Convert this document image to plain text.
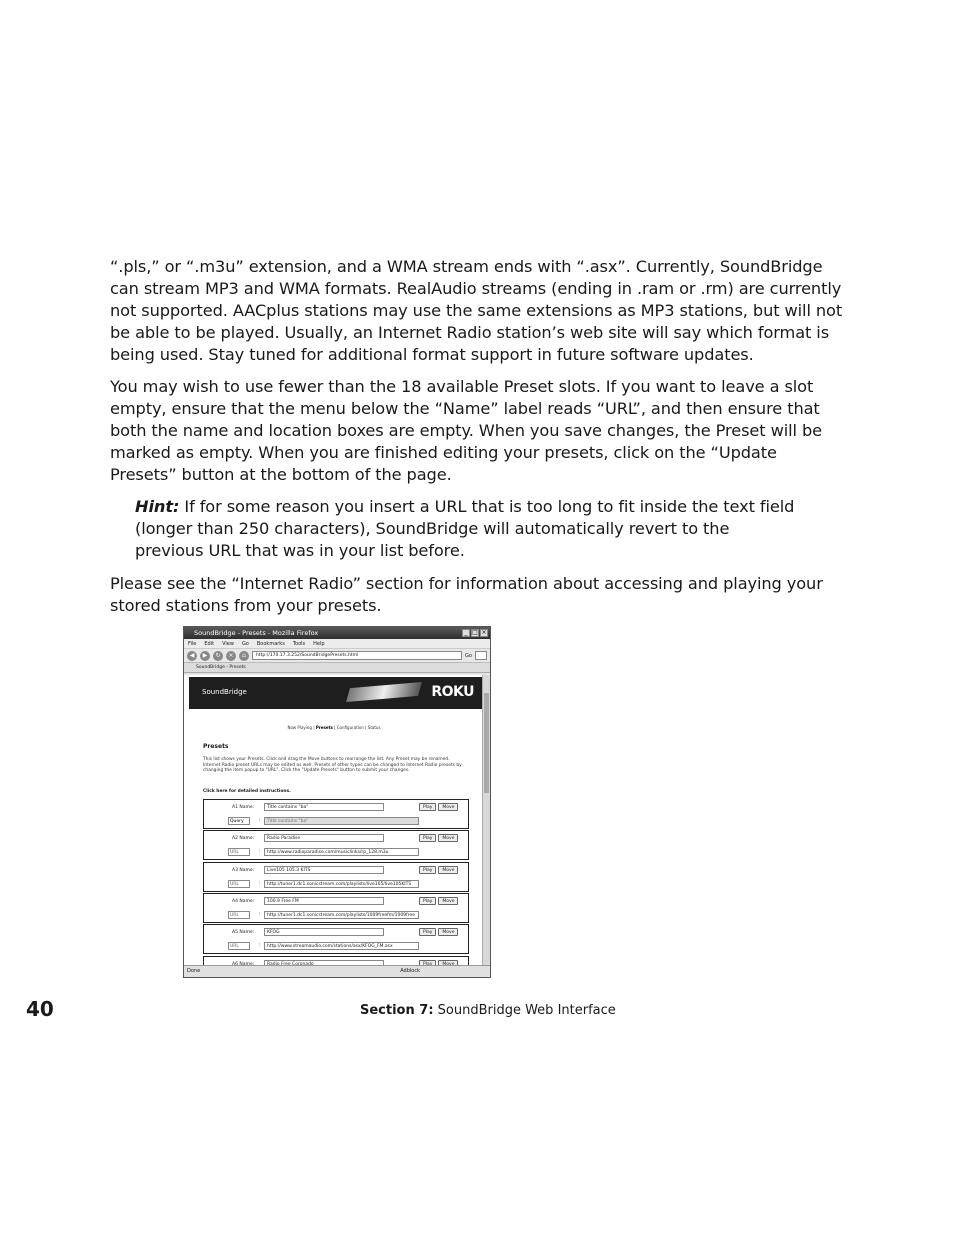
“.pls,” or “.m3u” extension, and a WMA stream ends with “.asx”. Currently, SoundBridge can stream MP3 and WMA formats. RealAudio streams (ending in .ram or .rm) are currently not supported. AACplus stations may use the same extensions as MP3 stations, but will not be able to be played. Usually, an Internet Radio station’s web site will say which format is being used. Stay tuned for additional format support in future software updates.
You may wish to use fewer than the 18 available Preset slots. If you want to leave a slot empty, ensure that the menu below the “Name” label reads “URL”, and then ensure that both the name and location boxes are empty. When you save changes, the Preset will be marked as empty. When you are finished editing your presets, click on the “Update Presets” button at the bottom of the page.
Hint: If for some reason you insert a URL that is too long to fit inside the text field (longer than 250 characters), SoundBridge will automatically revert to the previous URL that was in your list before.
Please see the “Internet Radio” section for information about accessing and playing your stored stations from your presets.
SoundBridge - Presets - Mozilla Firefox	_ □ ×
File Edit View Go Bookmarks Tools Help
◀	▶	↻	×	⌂	http://170.17.3.252/SoundBridgePresets.html	Go
SoundBridge - Presets
SoundBridge	ROKU
Now Playing | Presets | Configuration | Status
Presets
This list shows your Presets. Click and drag the Move buttons to rearrange the list. Any Preset may be renamed. Internet Radio preset URLs may be edited as well. Presets of other types can be changed to Internet Radio presets by changing the item popup to "URL". Click the "Update Presets" button to submit your changes.
Click here for detailed instructions.
A1 Name:	Title contains "ba"	Play	Move
Query	:	Title contains "ba"
A2 Name:	Radio Paradise	Play	Move
URL	:	http://www.radioparadise.com/musiclinks/rp_128.m3u
A3 Name:	Live105 105.3 KITS	Play	Move
URL	:	http://tuner1.dc1.sonicstream.com/playlists/live105/live105KITS
A4 Name:	100.9 Free FM	Play	Move
URL	:	http://tuner1.dc1.sonicstream.com/playlists/1009freefm/1009free
A5 Name:	KFOG	Play	Move
URL	:	http://www.streamaudio.com/stations/asx/KFOG_FM.asx
Done	Adblock
40	Section 7: SoundBridge Web Interface
